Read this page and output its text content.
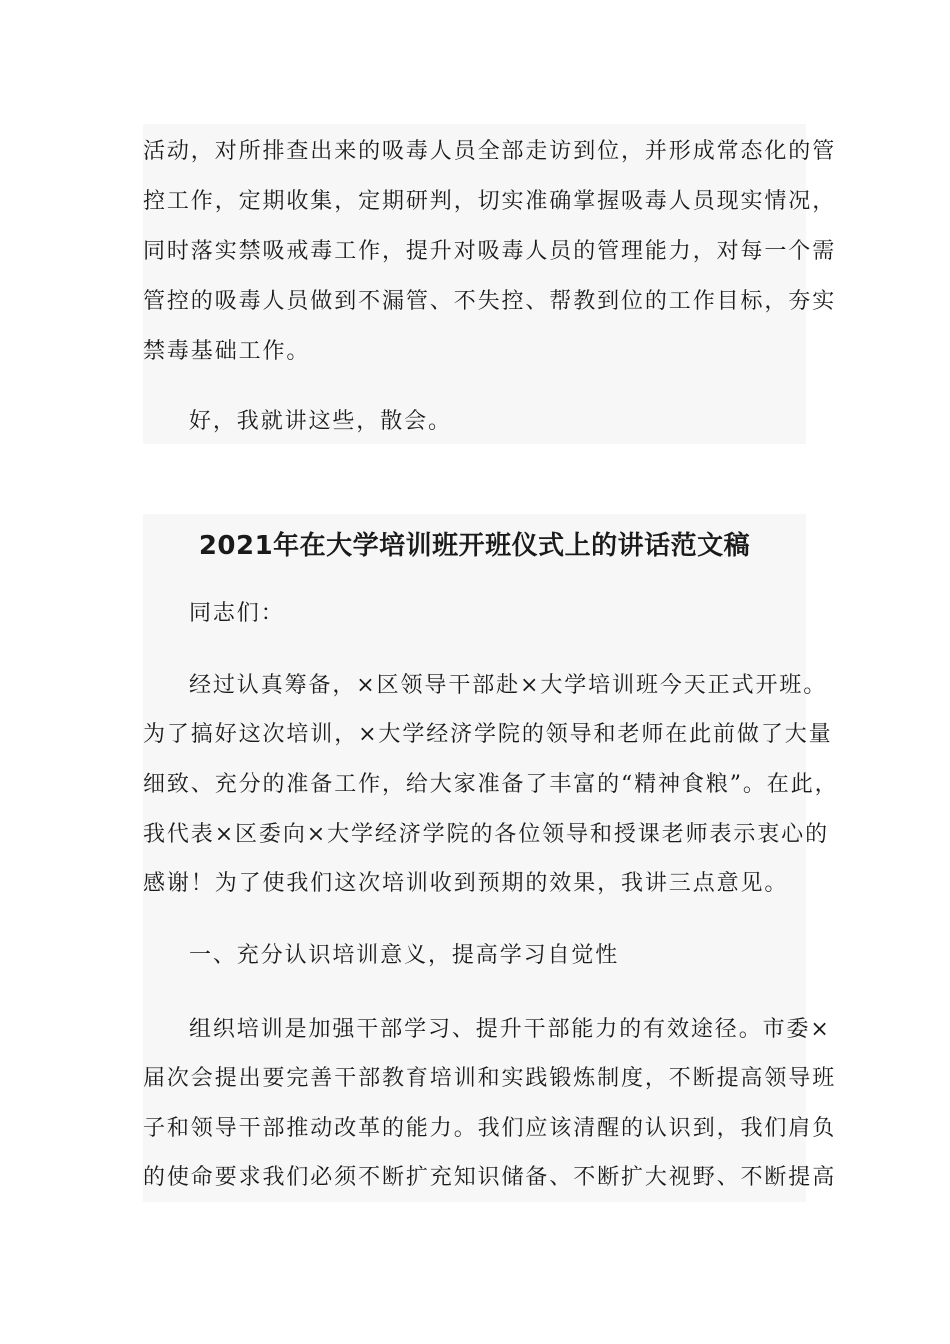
活动，对所排查出来的吸毒人员全部走访到位，并形成常态化的管
控工作，定期收集，定期研判，切实准确掌握吸毒人员现实情况，
同时落实禁吸戒毒工作，提升对吸毒人员的管理能力，对每一个需
管控的吸毒人员做到不漏管、不失控、帮教到位的工作目标，夯实
禁毒基础工作。
好，我就讲这些，散会。
2021年在大学培训班开班仪式上的讲话范文稿
同志们：
经过认真筹备，×区领导干部赴×大学培训班今天正式开班。
为了搞好这次培训，×大学经济学院的领导和老师在此前做了大量
细致、充分的准备工作，给大家准备了丰富的“精神食粮”。在此，
我代表×区委向×大学经济学院的各位领导和授课老师表示衷心的
感谢！为了使我们这次培训收到预期的效果，我讲三点意见。
一、充分认识培训意义，提高学习自觉性
组织培训是加强干部学习、提升干部能力的有效途径。市委×
届次会提出要完善干部教育培训和实践锻炼制度，不断提高领导班
子和领导干部推动改革的能力。我们应该清醒的认识到，我们肩负
的使命要求我们必须不断扩充知识储备、不断扩大视野、不断提高
